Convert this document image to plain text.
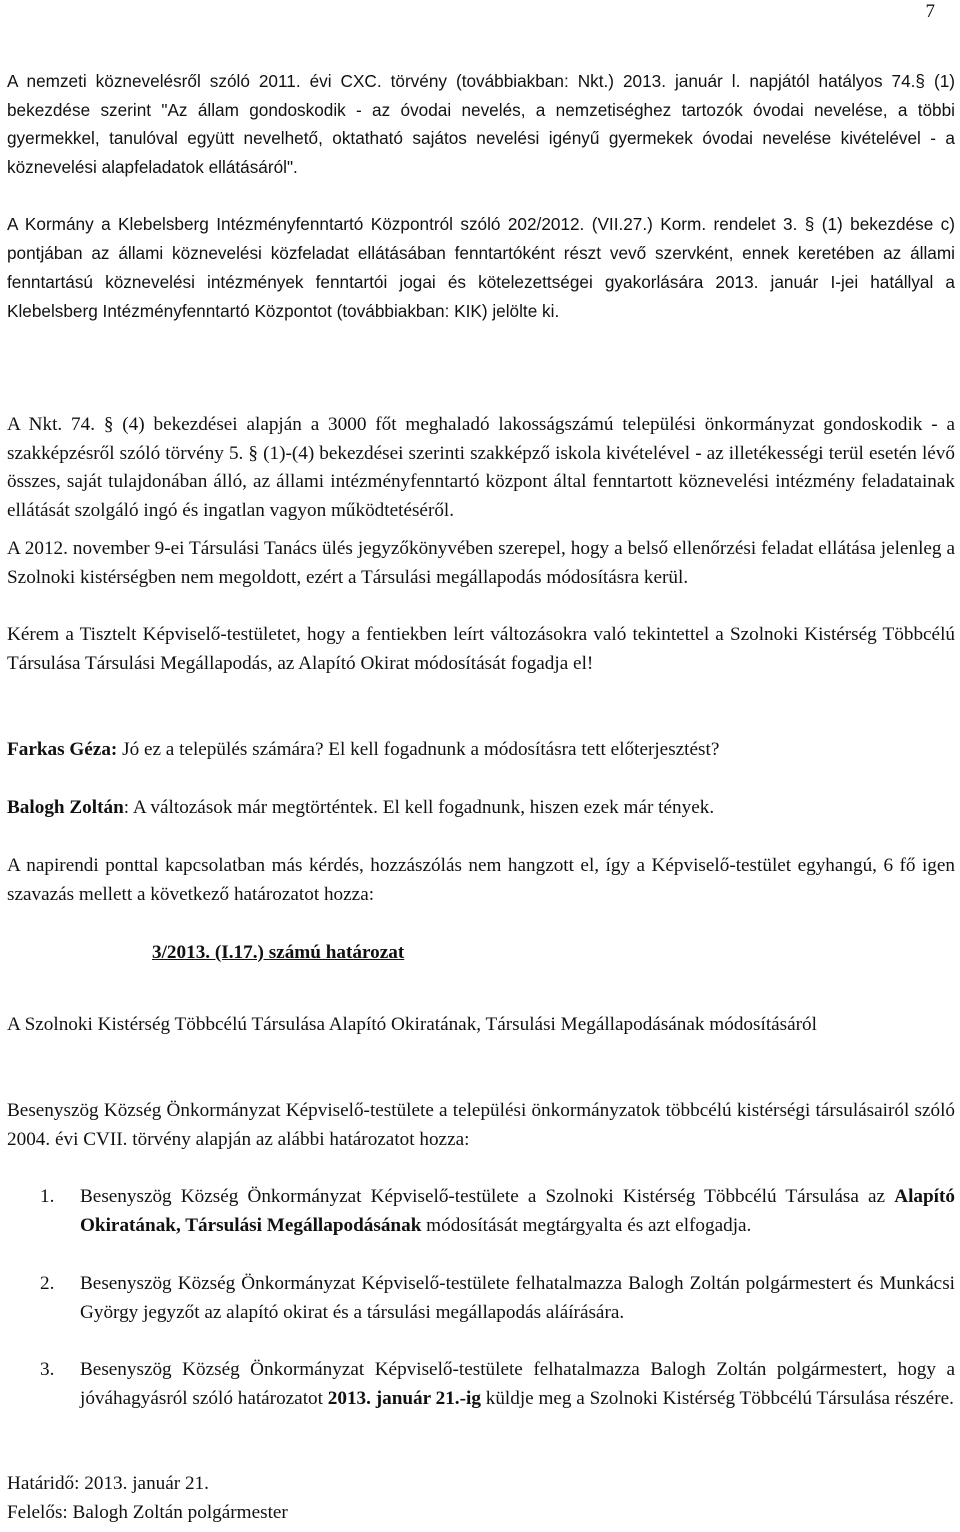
7

A nemzeti köznevelésről szóló 2011. évi CXC. törvény (továbbiakban: Nkt.) 2013. január l. napjától hatályos 74.§ (1) bekezdése szerint "Az állam gondoskodik - az óvodai nevelés, a nemzetiséghez tartozók óvodai nevelése, a többi gyermekkel, tanulóval együtt nevelhető, oktatható sajátos nevelési igényű gyermekek óvodai nevelése kivételével - a köznevelési alapfeladatok ellátásáról".

A Kormány a Klebelsberg Intézményfenntartó Központról szóló 202/2012. (VII.27.) Korm. rendelet 3. § (1) bekezdése c) pontjában az állami köznevelési közfeladat ellátásában fenntartóként részt vevő szervként, ennek keretében az állami fenntartású köznevelési intézmények fenntartói jogai és kötelezettségei gyakorlására 2013. január I-jei hatállyal a Klebelsberg Intézményfenntartó Központot (továbbiakban: KIK) jelölte ki.

A Nkt. 74. § (4) bekezdései alapján a 3000 főt meghaladó lakosságszámú települési önkormányzat gondoskodik - a szakképzésről szóló törvény 5. § (1)-(4) bekezdései szerinti szakképző iskola kivételével - az illetékességi terül esetén lévő összes, saját tulajdonában álló, az állami intézményfenntartó központ által fenntartott köznevelési intézmény feladatainak ellátását szolgáló ingó és ingatlan vagyon működtetéséről.

A 2012. november 9-ei Társulási Tanács ülés jegyzőkönyvében szerepel, hogy a belső ellenőrzési feladat ellátása jelenleg a Szolnoki kistérségben nem megoldott, ezért a Társulási megállapodás módosításra kerül.

Kérem a Tisztelt Képviselő-testületet, hogy a fentiekben leírt változásokra való tekintettel a Szolnoki Kistérség Többcélú Társulása Társulási Megállapodás, az Alapító Okirat módosítását fogadja el!

Farkas Géza: Jó ez a település számára? El kell fogadnunk a módosításra tett előterjesztést?

Balogh Zoltán: A változások már megtörténtek. El kell fogadnunk, hiszen ezek már tények.

A napirendi ponttal kapcsolatban más kérdés, hozzászólás nem hangzott el, így a Képviselő-testület egyhangú, 6 fő igen szavazás mellett a következő határozatot hozza:

3/2013. (I.17.) számú határozat

A Szolnoki Kistérség Többcélú Társulása Alapító Okiratának, Társulási Megállapodásának módosításáról

Besenyszög Község Önkormányzat Képviselő-testülete a települési önkormányzatok többcélú kistérségi társulásairól szóló 2004. évi CVII. törvény alapján az alábbi határozatot hozza:

1. Besenyszög Község Önkormányzat Képviselő-testülete a Szolnoki Kistérség Többcélú Társulása az Alapító Okiratának, Társulási Megállapodásának módosítását megtárgyalta és azt elfogadja.

2. Besenyszög Község Önkormányzat Képviselő-testülete felhatalmazza Balogh Zoltán polgármestert és Munkácsi György jegyzőt az alapító okirat és a társulási megállapodás aláírására.

3. Besenyszög Község Önkormányzat Képviselő-testülete felhatalmazza Balogh Zoltán polgármestert, hogy a jóváhagyásról szóló határozatot 2013. január 21.-ig küldje meg a Szolnoki Kistérség Többcélú Társulása részére.

Határidő: 2013. január 21.

Felelős: Balogh Zoltán polgármester
